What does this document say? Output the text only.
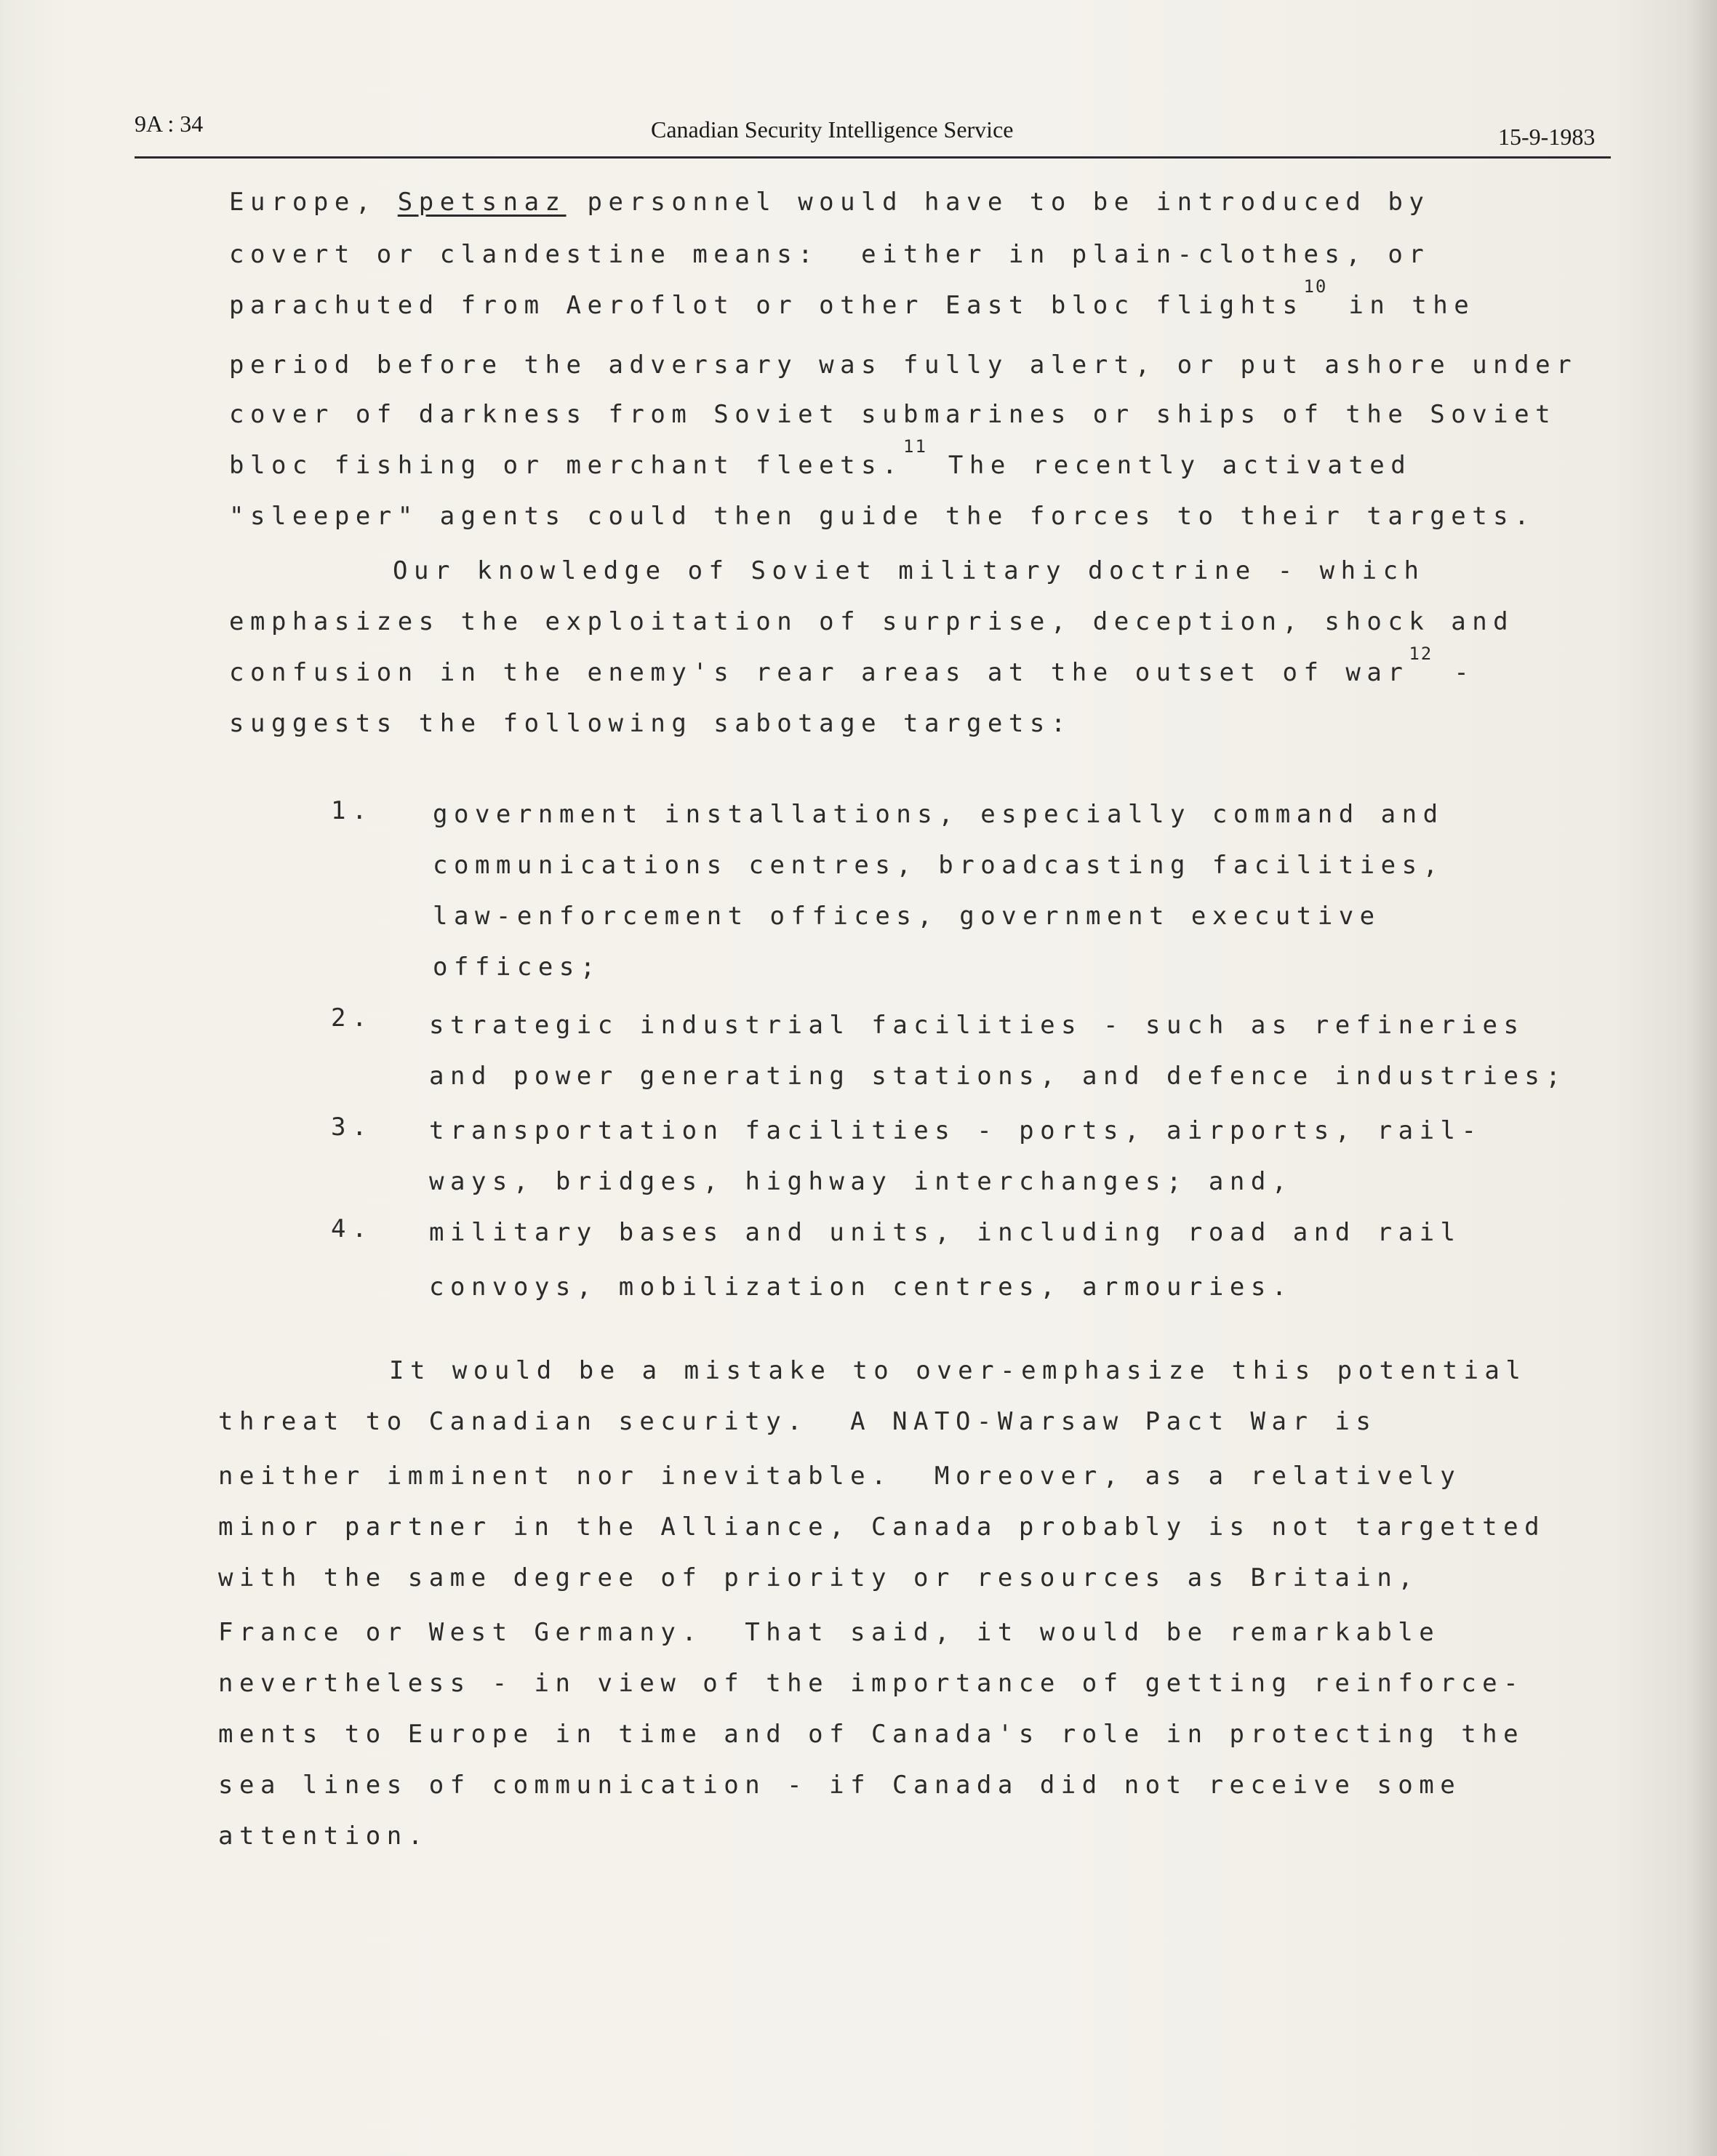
9A : 34	Canadian Security Intelligence Service	15-9-1983
Europe, Spetsnaz personnel would have to be introduced by
covert or clandestine means:  either in plain-clothes, or
parachuted from Aeroflot or other East bloc flights$^{10}$ in the
period before the adversary was fully alert, or put ashore under
cover of darkness from Soviet submarines or ships of the Soviet
bloc fishing or merchant fleets.$^{11}$ The recently activated
"sleeper" agents could then guide the forces to their targets.
Our knowledge of Soviet military doctrine - which
emphasizes the exploitation of surprise, deception, shock and
confusion in the enemy's rear areas at the outset of war$^{12}$ -
suggests the following sabotage targets:
1. government installations, especially command and
communications centres, broadcasting facilities,
law-enforcement offices, government executive
offices;
2. strategic industrial facilities - such as refineries
and power generating stations, and defence industries;
3. transportation facilities - ports, airports, rail-
ways, bridges, highway interchanges; and,
4. military bases and units, including road and rail
convoys, mobilization centres, armouries.
It would be a mistake to over-emphasize this potential
threat to Canadian security.  A NATO-Warsaw Pact War is
neither imminent nor inevitable.  Moreover, as a relatively
minor partner in the Alliance, Canada probably is not targetted
with the same degree of priority or resources as Britain,
France or West Germany.  That said, it would be remarkable
nevertheless - in view of the importance of getting reinforce-
ments to Europe in time and of Canada's role in protecting the
sea lines of communication - if Canada did not receive some
attention.
